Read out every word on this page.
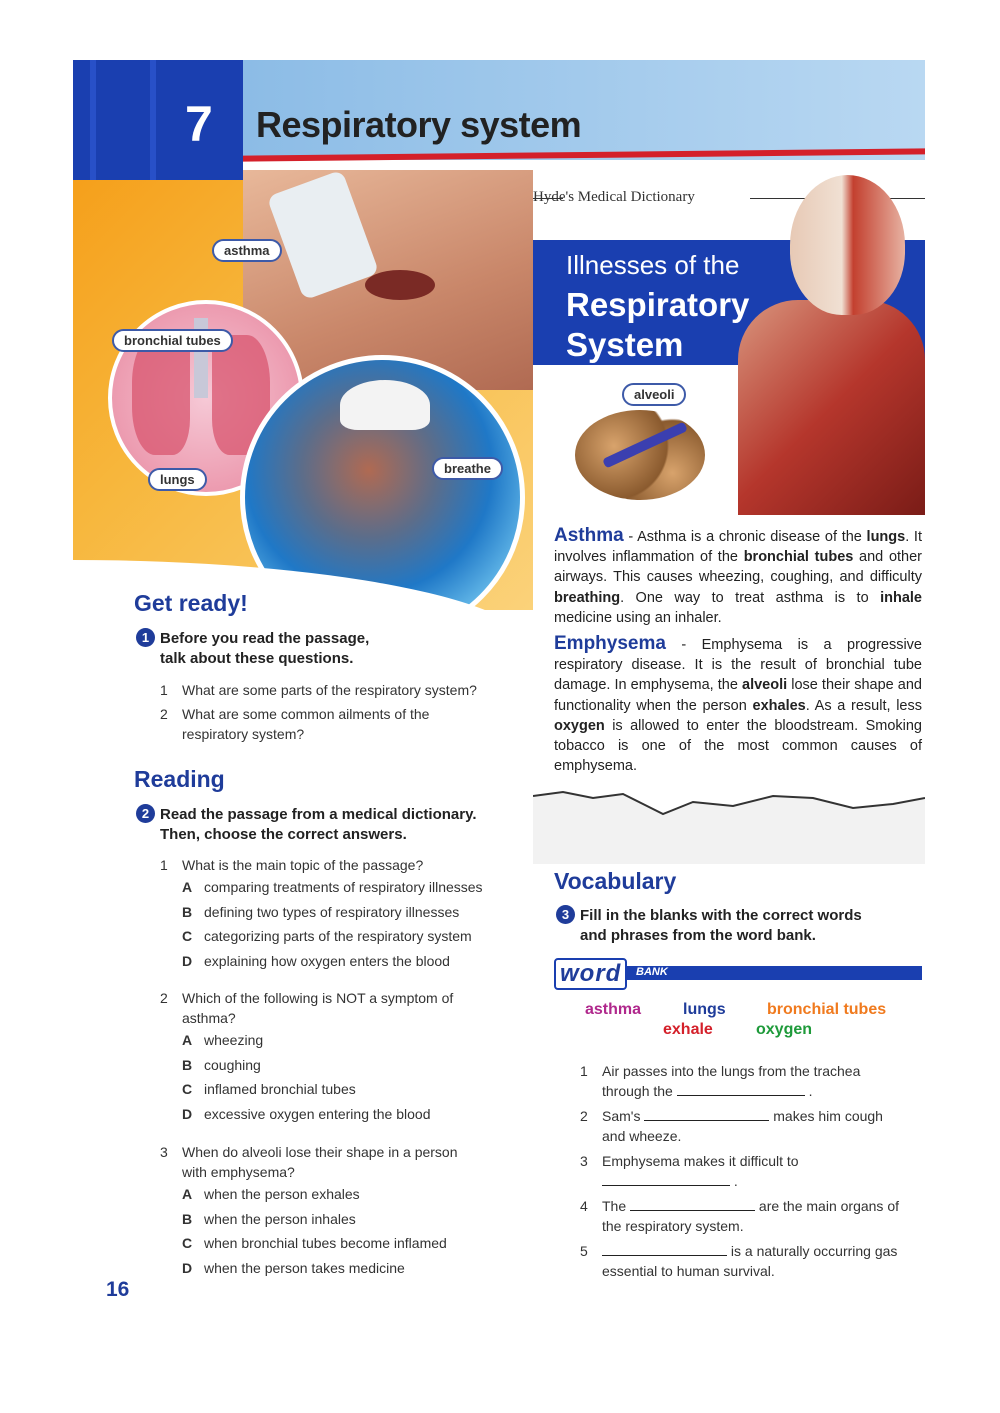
7 Respiratory system
asthma
bronchial tubes
lungs
breathe
Hyde's Medical Dictionary
Illnesses of the
Respiratory
System
alveoli
Asthma - Asthma is a chronic disease of the lungs. It involves inflammation of the bronchial tubes and other airways. This causes wheezing, coughing, and difficulty breathing. One way to treat asthma is to inhale medicine using an inhaler.
Emphysema - Emphysema is a progressive respiratory disease. It is the result of bronchial tube damage. In emphysema, the alveoli lose their shape and functionality when the person exhales. As a result, less oxygen is allowed to enter the bloodstream. Smoking tobacco is one of the most common causes of emphysema.
Get ready!
1 Before you read the passage,
talk about these questions.
1 What are some parts of the respiratory system?
2 What are some common ailments of the
respiratory system?
Reading
2 Read the passage from a medical dictionary.
Then, choose the correct answers.
1 What is the main topic of the passage?
A comparing treatments of respiratory illnesses
B defining two types of respiratory illnesses
C categorizing parts of the respiratory system
D explaining how oxygen enters the blood
2 Which of the following is NOT a symptom of
asthma?
A wheezing
B coughing
C inflamed bronchial tubes
D excessive oxygen entering the blood
3 When do alveoli lose their shape in a person
with emphysema?
A when the person exhales
B when the person inhales
C when bronchial tubes become inflamed
D when the person takes medicine
Vocabulary
3 Fill in the blanks with the correct words
and phrases from the word bank.
word	BANK
asthma	lungs	bronchial tubes
exhale	oxygen
1 Air passes into the lungs from the trachea
through the	.
2 Sam's	makes him cough
and wheeze.
3 Emphysema makes it difficult to
.
4 The	are the main organs of
the respiratory system.
5	is a naturally occurring gas
essential to human survival.
16
